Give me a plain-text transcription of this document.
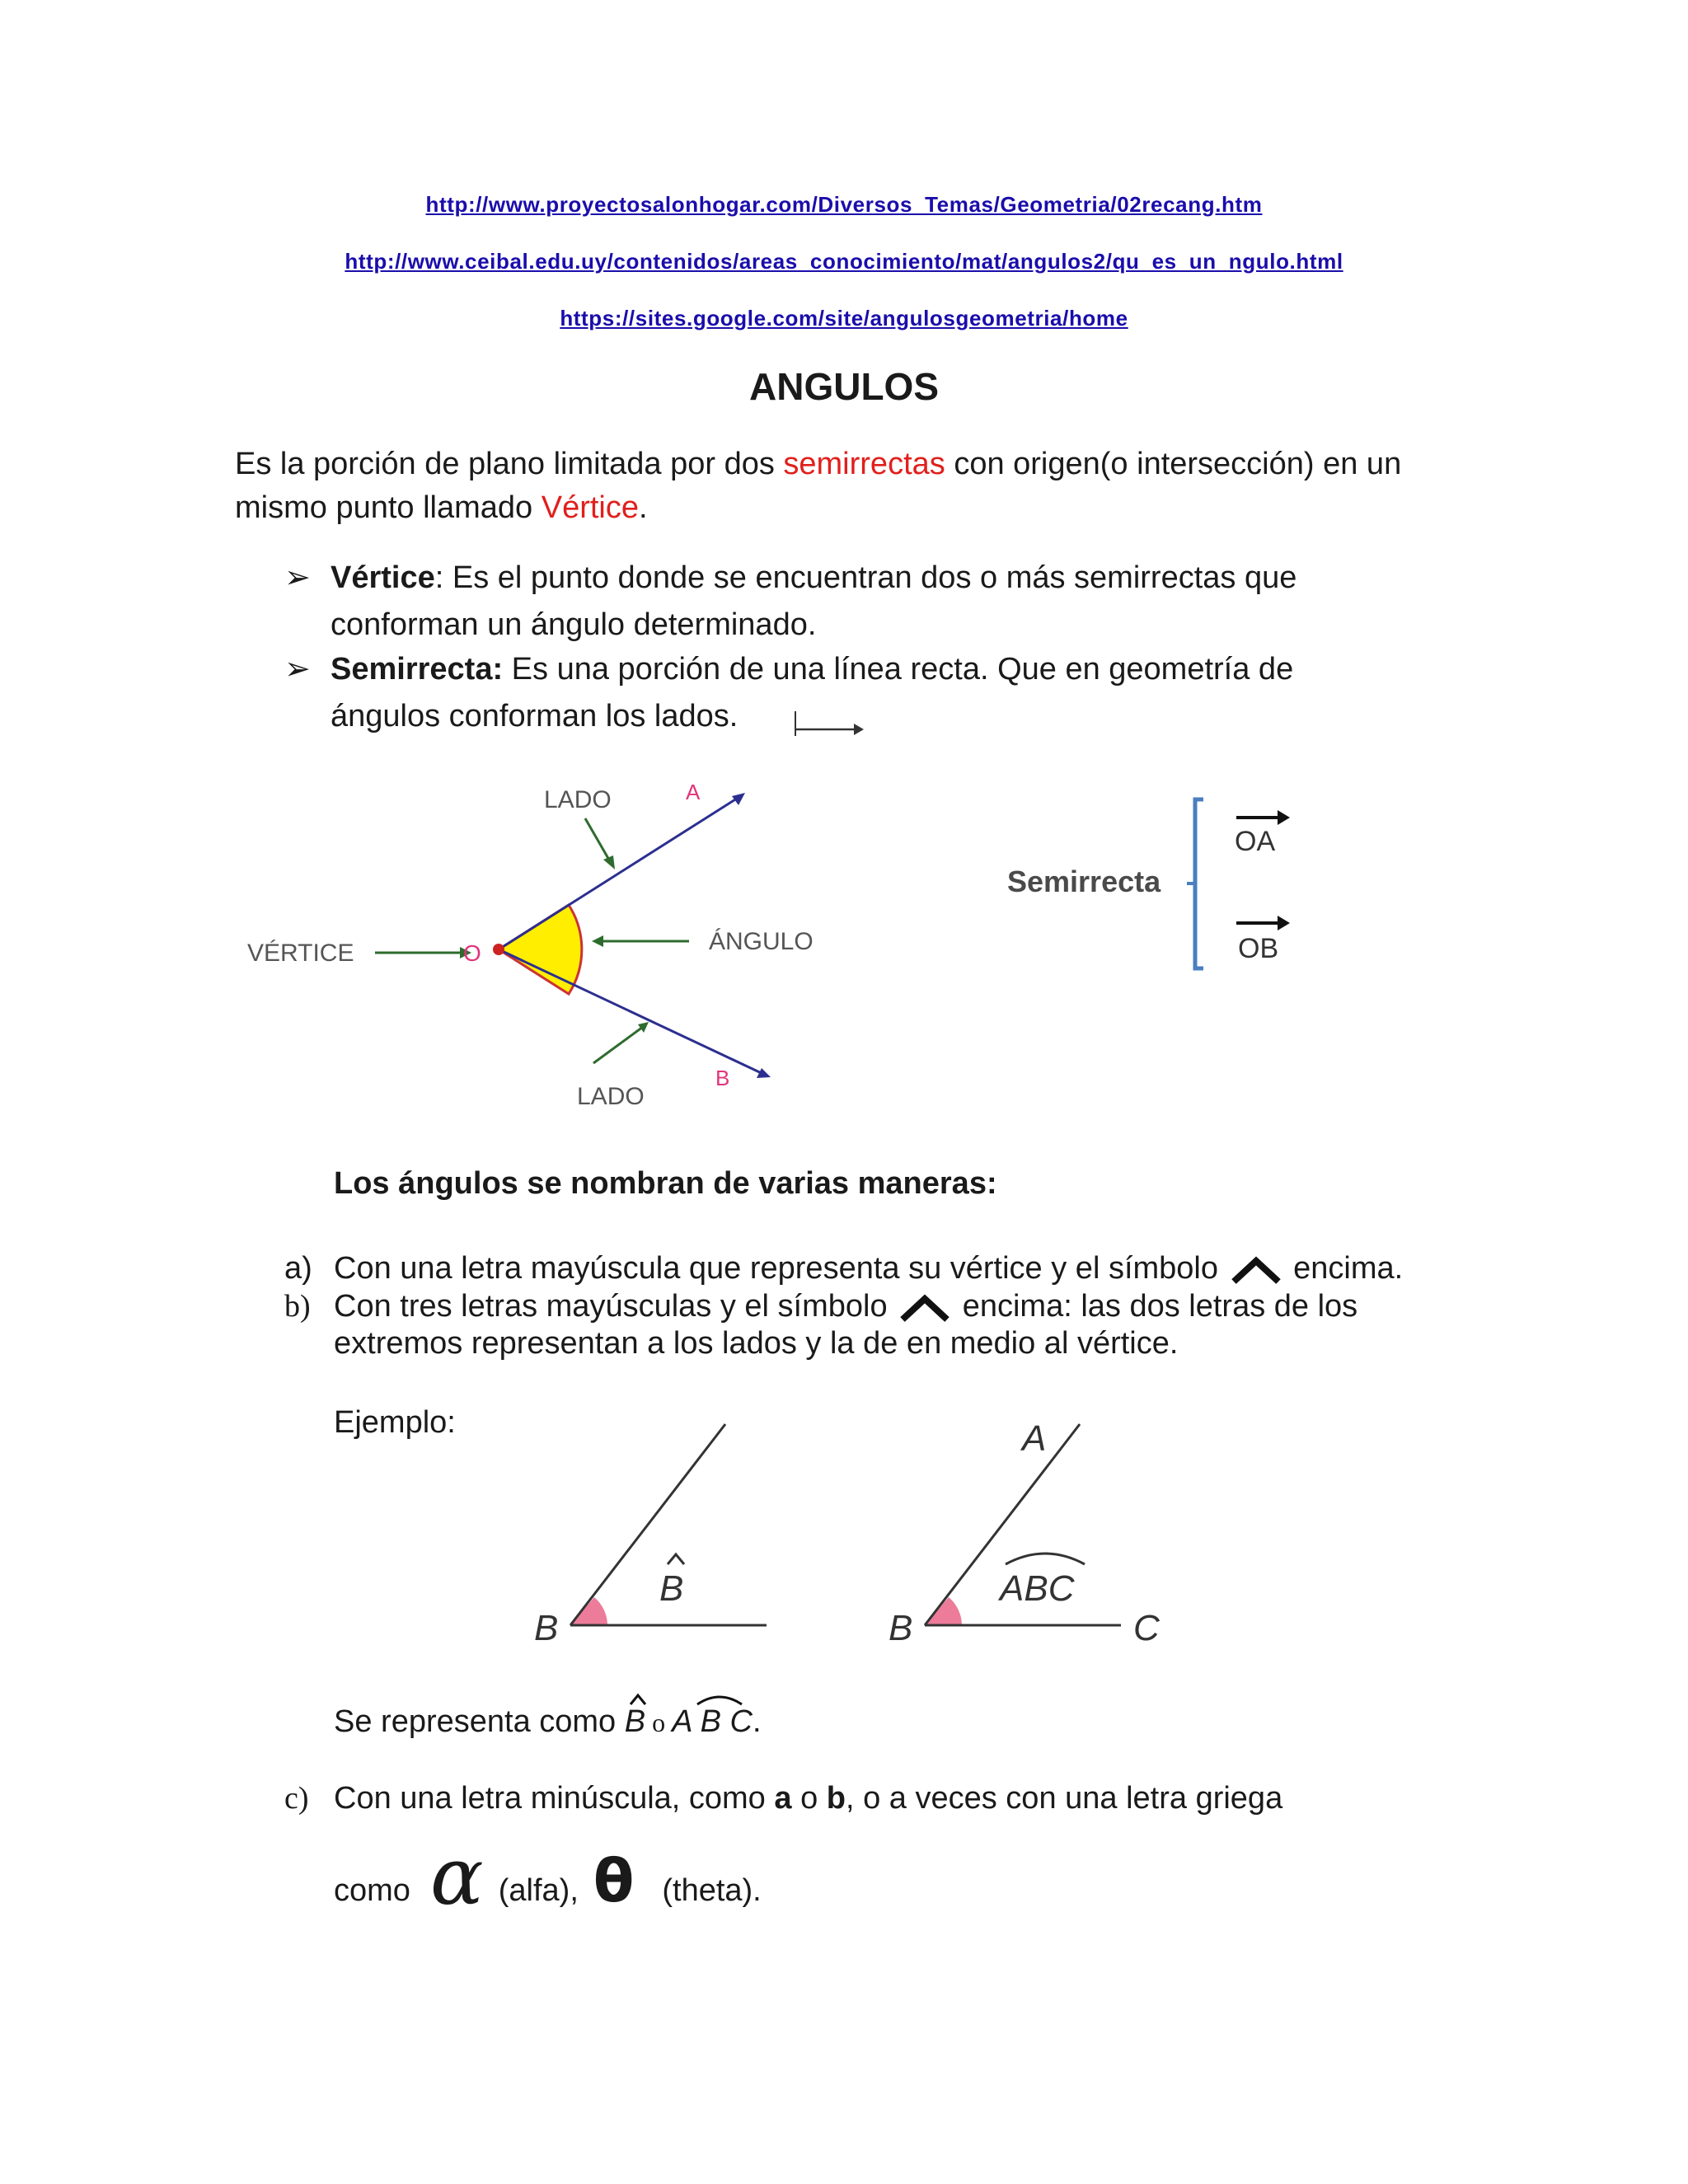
http://www.proyectosalonhogar.com/Diversos_Temas/Geometria/02recang.htm
http://www.ceibal.edu.uy/contenidos/areas_conocimiento/mat/angulos2/qu_es_un_ngulo.html
https://sites.google.com/site/angulosgeometria/home
ANGULOS
Es la porción de plano limitada por dos semirrectas con origen(o intersección) en un mismo punto llamado Vértice.
➢ Vértice: Es el punto donde se encuentran dos o más semirrectas que conforman un ángulo determinado.
➢ Semirrecta: Es una porción de una línea recta. Que en geometría de ángulos conforman los lados.
LADO	A
VÉRTICE	O	ÁNGULO
LADO
B
Semirrecta
OA
OB
Los ángulos se nombran de varias maneras:
a) Con una letra mayúscula que representa su vértice y el símbolo  encima.
b) Con tres letras mayúsculas y el símbolo  encima: las dos letras de los extremos representan a los lados y la de en medio al vértice.
Ejemplo:
B
B
B
A
C
ABC
Se representa como
B o
A B C.
c) Con una letra minúscula, como a o b, o a veces con una letra griega
como α (alfa), θ (theta).
